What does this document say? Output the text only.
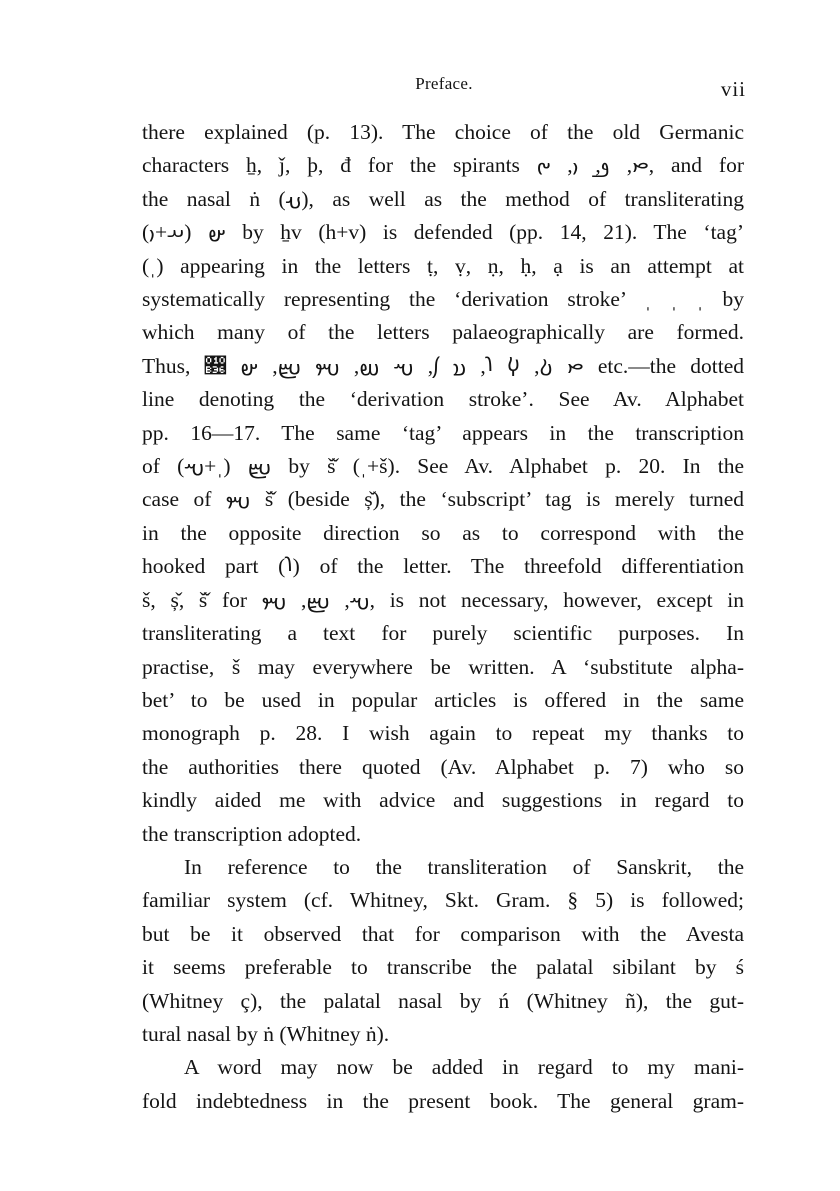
Preface.	vii
there explained (p. 13). The choice of the old Germanic
characters ẖ, ǰ, þ, đ for the spirants 𐬙, 𐬛, 𐬎, 𐬔, and for
the nasal ṅ (𐬣), as well as the method of transliterating
𐬵 (𐬀+𐬎) by ẖv (h+v) is defended (pp. 14, 21). The ‘tag’
(ˌ) appearing in the letters ṭ, ṿ, ṇ, ḥ, ạ is an attempt at
systematically representing the ‘derivation stroke’ ˌ ˌ ˌ by
which many of the letters palaeographically are formed.
Thus, 𐬙 𐬚, 𐬬 𐬭, 𐬯 𐬰, 𐬱 𐬲, 𐬳 𐬴, 𐬵 𐬶 etc.—the dotted
line denoting the ‘derivation stroke’. See Av. Alphabet
pp. 16—17. The same ‘tag’ appears in the transcription
of 𐬴 (ˌ+𐬱) by š̌ (ˌ+š). See Av. Alphabet p. 20. In the
case of 𐬳 š̌ (beside ș̌), the ‘subscript’ tag is merely turned
in the opposite direction so as to correspond with the
hooked part (𐬭) of the letter. The threefold differentiation
š, ș̌, š̌ for 𐬱, 𐬴, 𐬳, is not necessary, however, except in
transliterating a text for purely scientific purposes. In
practise, š may everywhere be written. A ‘substitute alpha-
bet’ to be used in popular articles is offered in the same
monograph p. 28. I wish again to repeat my thanks to
the authorities there quoted (Av. Alphabet p. 7) who so
kindly aided me with advice and suggestions in regard to
the transcription adopted.
In reference to the transliteration of Sanskrit, the
familiar system (cf. Whitney, Skt. Gram. § 5) is followed;
but be it observed that for comparison with the Avesta
it seems preferable to transcribe the palatal sibilant by ś
(Whitney ç), the palatal nasal by ń (Whitney ñ), the gut-
tural nasal by ṅ (Whitney ṅ).
A word may now be added in regard to my mani-
fold indebtedness in the present book. The general gram-
